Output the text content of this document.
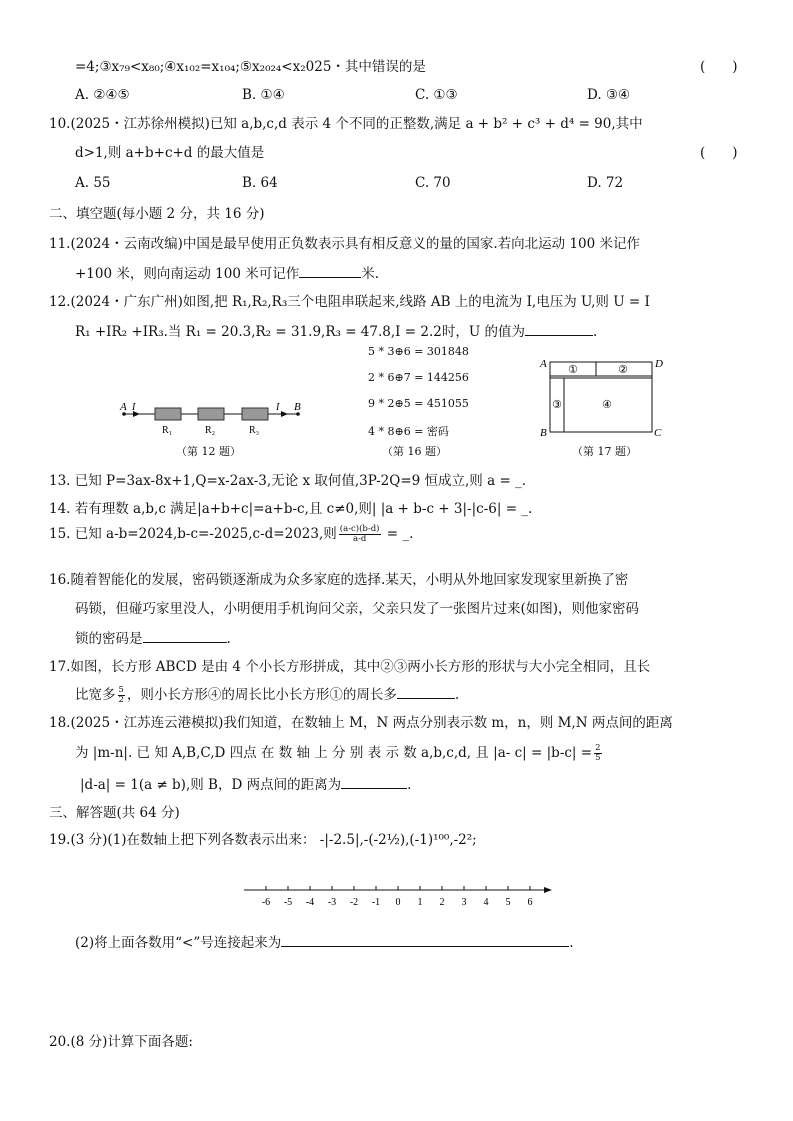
=4;③x₇₉<x₈₀;④x₁₀₂=x₁₀₄;⑤x₂₀₂₄<x₂025・其中错误的是	(　　)
A. ②④⑤	B. ①④	C. ①③	D. ③④
10.(2025・江苏徐州模拟)已知 a,b,c,d 表示 4 个不同的正整数,满足 a + b² + c³ + d⁴ = 90,其中
d>1,则 a+b+c+d 的最大值是	(　　)
A. 55	B. 64	C. 70	D. 72
二、填空题(每小题 2 分，共 16 分)
11.(2024・云南改编)中国是最早使用正负数表示具有相反意义的量的国家.若向北运动 100 米记作
+100 米，则向南运动 100 米可记作	米.
12.(2024・广东广州)如图,把 R₁,R₂,R₃三个电阻串联起来,线路 AB 上的电流为 I,电压为 U,则 U = I
R₁ +IR₂ +IR₃.当 R₁ = 20.3,R₂ = 31.9,R₃ = 47.8,I = 2.2时，U 的值为	.
A I	I B
R₁	R₂	R₃
（第 12 题）
5 * 3⊕6 = 301848
2 * 6⊕7 = 144256
9 * 2⊕5 = 451055
4 * 8⊕6 = 密码
（第 16 题）
A	D
B	C
①	②
③	④
（第 17 题）
13. 已知 P=3ax-8x+1,Q=x-2ax-3,无论 x 取何值,3P-2Q=9 恒成立,则 a = _.
14. 若有理数 a,b,c 满足|a+b+c|=a+b-c,且 c≠0,则| |a + b-c + 3|-|c-6| = _.
15. 已知 a-b=2024,b-c=-2025,c-d=2023,则 $\frac{(a-c)(b-d)}{a-d}$ = _.
16.随着智能化的发展，密码锁逐渐成为众多家庭的选择.某天，小明从外地回家发现家里新换了密
码锁，但碰巧家里没人，小明便用手机询问父亲，父亲只发了一张图片过来(如图)，则他家密码
锁的密码是	.
17.如图，长方形 ABCD 是由 4 个小长方形拼成，其中②③两小长方形的形状与大小完全相同，且长
比宽多 $\frac{5}{2}$ ，则小长方形④的周长比小长方形①的周长多	.
18.(2025・江苏连云港模拟)我们知道，在数轴上 M，N 两点分别表示数 m，n，则 M,N 两点间的距离
为 |m-n|. 已 知 A,B,C,D 四点 在 数 轴 上 分 别 表 示 数 a,b,c,d, 且 |a- $c| = |b-c| = \frac{2}{5}$
|d-a| = 1(a ≠ b),则 B，D 两点间的距离为	.
三、解答题(共 64 分)
19.(3 分)(1)在数轴上把下列各数表示出来： -|-2.5|,-(-2½),(-1)¹⁰⁰,-2²;
-6 -5 -4 -3 -2 -1 0 1 2 3 4 5 6
(2)将上面各数用“<”号连接起来为	.
20.(8 分)计算下面各题:
